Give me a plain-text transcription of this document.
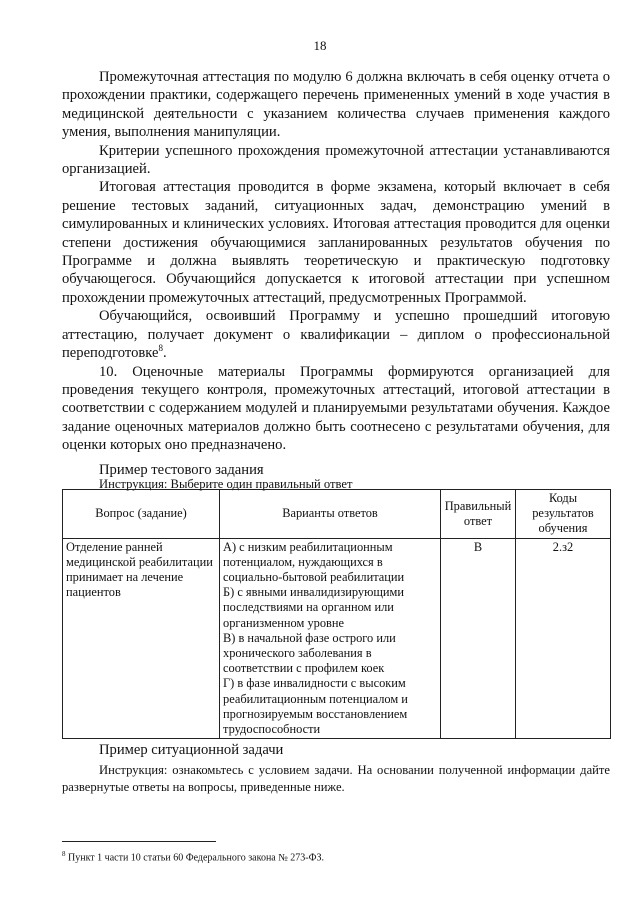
18

Промежуточная аттестация по модулю 6 должна включать в себя оценку отчета о прохождении практики, содержащего перечень примененных умений в ходе участия в медицинской деятельности с указанием количества случаев применения каждого умения, выполнения манипуляции.

Критерии успешного прохождения промежуточной аттестации устанавливаются организацией.

Итоговая аттестация проводится в форме экзамена, который включает в себя решение тестовых заданий, ситуационных задач, демонстрацию умений в симулированных и клинических условиях. Итоговая аттестация проводится для оценки степени достижения обучающимися запланированных результатов обучения по Программе и должна выявлять теоретическую и практическую подготовку обучающегося. Обучающийся допускается к итоговой аттестации при успешном прохождении промежуточных аттестаций, предусмотренных Программой.

Обучающийся, освоивший Программу и успешно прошедший итоговую аттестацию, получает документ о квалификации – диплом о профессиональной переподготовке$^8$.

10. Оценочные материалы Программы формируются организацией для проведения текущего контроля, промежуточных аттестаций, итоговой аттестации в соответствии с содержанием модулей и планируемыми результатами обучения. Каждое задание оценочных материалов должно быть соотнесено с результатами обучения, для оценки которых оно предназначено.

Пример тестового задания
Инструкция: Выберите один правильный ответ
Вопрос (задание)	Варианты ответов	Правильный ответ	Коды результатов обучения
Отделение ранней медицинской реабилитации принимает на лечение пациентов	А) с низким реабилитационным потенциалом, нуждающихся в социально-бытовой реабилитации
Б) с явными инвалидизирующими последствиями на органном или организменном уровне
В) в начальной фазе острого или хронического заболевания в соответствии с профилем коек
Г) в фазе инвалидности с высоким реабилитационным потенциалом и прогнозируемым восстановлением трудоспособности	В	2.з2
Пример ситуационной задачи
Инструкция: ознакомьтесь с условием задачи. На основании полученной информации дайте развернутые ответы на вопросы, приведенные ниже.
$^8$ Пункт 1 части 10 статьи 60 Федерального закона № 273-ФЗ.
